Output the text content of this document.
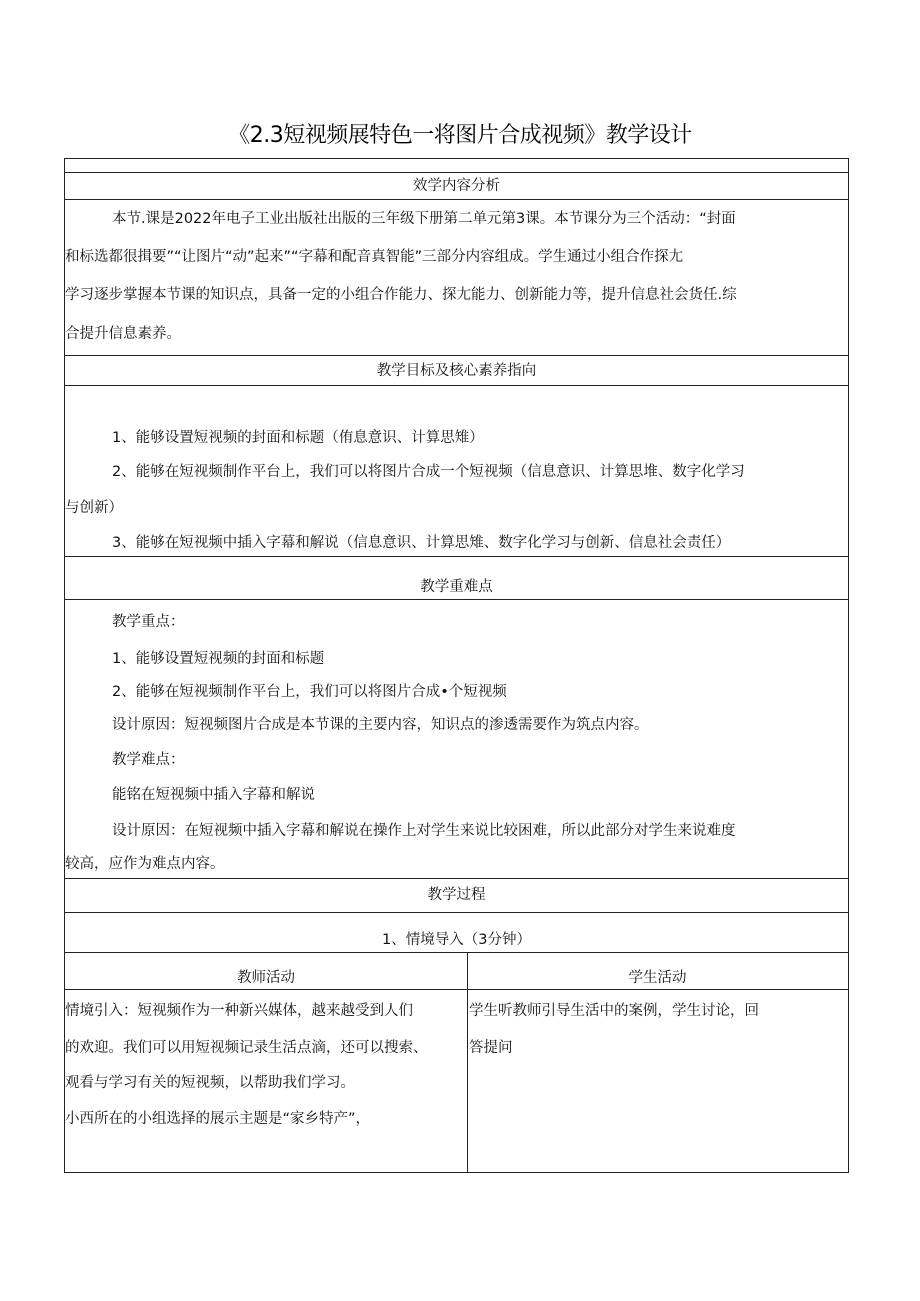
《2.3短视频展特色一将图片合成视频》教学设计
效学内容分析
本节.课是2022年电子工业出版社出版的三年级下册第二单元第3课。本节课分为三个活动：“封面
和标选都很揖要”“让图片“动”起来”“字幕和配音真智能”三部分内容组成。学生通过小组合作探尢
学习逐步掌握本节课的知识点，具备一定的小组合作能力、探尢能力、创新能力等，提升信息社会货任.综
合提升信息素养。
教学目标及核心素养指向
1、能够设置短视频的封面和标题（侑息意识、计算思雉）
2、能够在短视频制作平台上，我们可以将图片合成一个短视频（信息意识、计算思堆、数字化学习
与创新）
3、能够在短视频中插入字幕和解说（信息意识、计算思雉、数字化学习与创新、信息社会责任）
教学重难点
教学重点：
1、能够设置短视频的封面和标题
2、能够在短视频制作平台上，我们可以将图片合成•个短视频
设计原因：短视频图片合成是本节课的主要内容，知识点的渗透需要作为筑点内容。
教学难点：
能铭在短视频中插入字幕和解说
设计原因：在短视频中插入字幕和解说在操作上对学生来说比较困难，所以此部分对学生来说难度
较高，应作为难点内容。
教学过程
1、情境导入（3分钟）
教师活动	学生活动
情境引入：短视频作为一种新兴媒体，越来越受到人们
的欢迎。我们可以用短视频记录生活点滴，还可以搜索、
观看与学习有关的短视频，以帮助我们学习。
小西所在的小组选择的展示主题是“家乡特产”，
学生听教师引导生活中的案例，学生讨论，回
答提问
